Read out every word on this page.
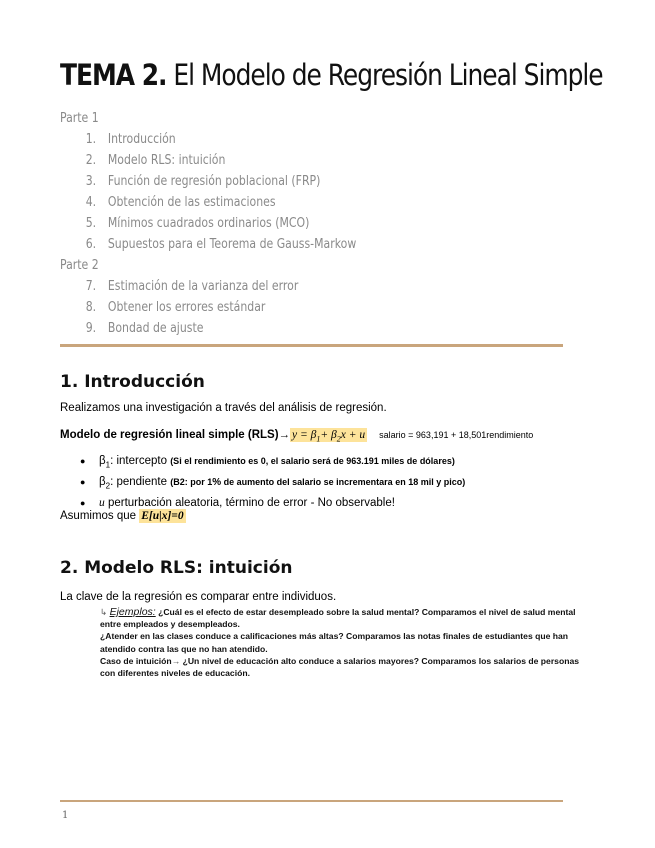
TEMA 2. El Modelo de Regresión Lineal Simple
Parte 1
1. Introducción
2. Modelo RLS: intuición
3. Función de regresión poblacional (FRP)
4. Obtención de las estimaciones
5. Mínimos cuadrados ordinarios (MCO)
6. Supuestos para el Teorema de Gauss-Markow
Parte 2
7. Estimación de la varianza del error
8. Obtener los errores estándar
9. Bondad de ajuste
1. Introducción
Realizamos una investigación a través del análisis de regresión.
Modelo de regresión lineal simple $(RLS)\to y = \beta_1+ \beta_2x + u$ salario = 963,191 + 18,501rendimiento
● $\beta_1$: intercepto (Si el rendimiento es 0, el salario será de 963.191 miles de dólares)
● $\beta_2$: pendiente (B2: por 1% de aumento del salario se incrementara en 18 mil y pico)
● u perturbación aleatoria, término de error - No observable!
Asumimos que E[u|x]=0
2. Modelo RLS: intuición
La clave de la regresión es comparar entre individuos.

↳ Ejemplos: ¿Cuál es el efecto de estar desempleado sobre la salud mental? Comparamos el nivel de salud mental entre empleados y desempleados.

¿Atender en las clases conduce a calificaciones más altas? Comparamos las notas finales de estudiantes que han atendido contra las que no han atendido.

Caso de intuición→ ¿Un nivel de educación alto conduce a salarios mayores? Comparamos los salarios de personas con diferentes niveles de educación.

1
